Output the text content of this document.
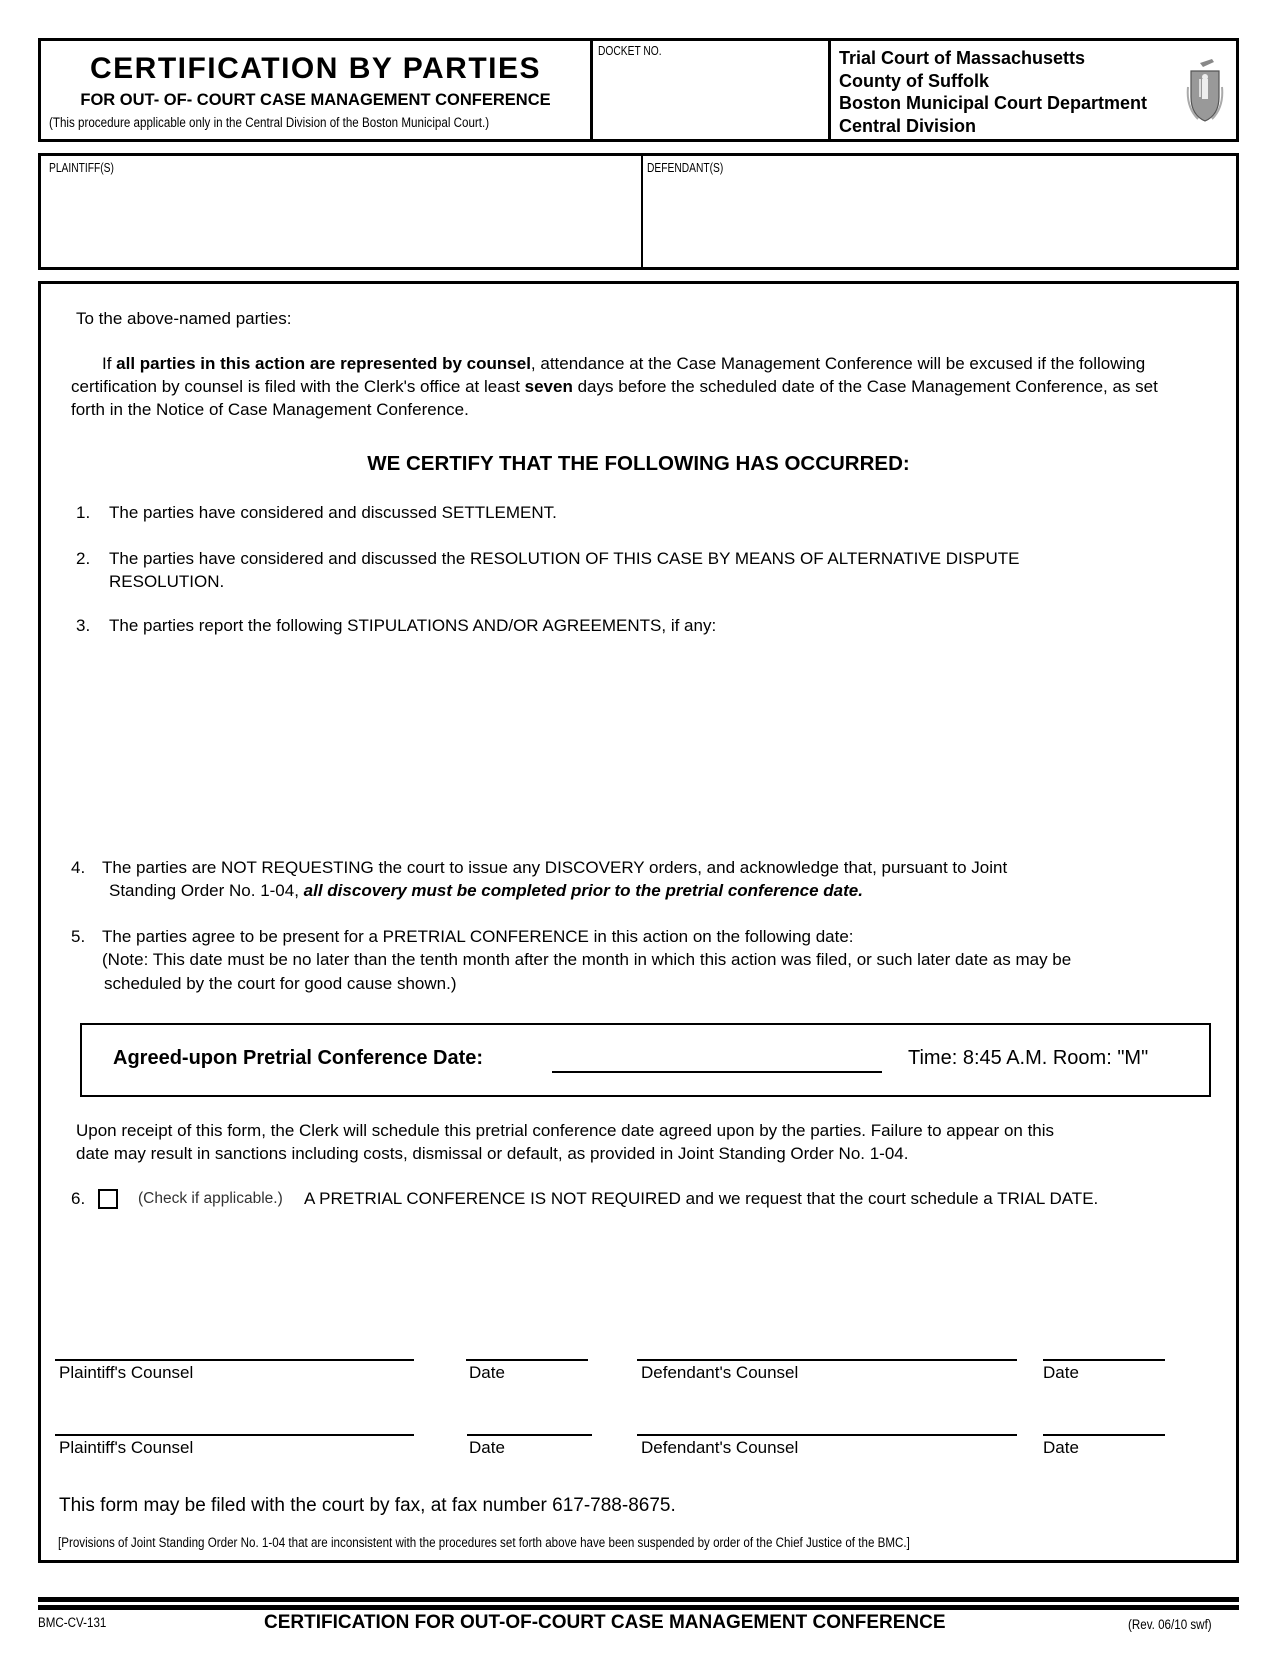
CERTIFICATION BY PARTIES
FOR OUT- OF- COURT CASE MANAGEMENT CONFERENCE
(This procedure applicable only in the Central Division of the Boston Municipal Court.)
DOCKET NO.	Trial Court of Massachusetts
County of Suffolk
Boston Municipal Court Department
Central Division
PLAINTIFF(S)	DEFENDANT(S)
To the above-named parties:
If all parties in this action are represented by counsel, attendance at the Case Management Conference will be excused if the following certification by counsel is filed with the Clerk's office at least seven days before the scheduled date of the Case Management Conference, as set forth in the Notice of Case Management Conference.
WE CERTIFY THAT THE FOLLOWING HAS OCCURRED:
1. The parties have considered and discussed SETTLEMENT.
2. The parties have considered and discussed the RESOLUTION OF THIS CASE BY MEANS OF ALTERNATIVE DISPUTE
RESOLUTION.
3. The parties report the following STIPULATIONS AND/OR AGREEMENTS, if any:
4. The parties are NOT REQUESTING the court to issue any DISCOVERY orders, and acknowledge that, pursuant to Joint
Standing Order No. 1-04, all discovery must be completed prior to the pretrial conference date.
5. The parties agree to be present for a PRETRIAL CONFERENCE in this action on the following date:
(Note: This date must be no later than the tenth month after the month in which this action was filed, or such later date as may be
scheduled by the court for good cause shown.)
Agreed-upon Pretrial Conference Date:	Time: 8:45 A.M. Room: "M"
Upon receipt of this form, the Clerk will schedule this pretrial conference date agreed upon by the parties. Failure to appear on this
date may result in sanctions including costs, dismissal or default, as provided in Joint Standing Order No. 1-04.
6.	(Check if applicable.) A PRETRIAL CONFERENCE IS NOT REQUIRED and we request that the court schedule a TRIAL DATE.
Plaintiff's Counsel	Date	Defendant's Counsel	Date
Plaintiff's Counsel	Date	Defendant's Counsel	Date
This form may be filed with the court by fax, at fax number 617-788-8675.
[Provisions of Joint Standing Order No. 1-04 that are inconsistent with the procedures set forth above have been suspended by order of the Chief Justice of the BMC.]
BMC-CV-131	CERTIFICATION FOR OUT-OF-COURT CASE MANAGEMENT CONFERENCE	(Rev. 06/10 swf)
